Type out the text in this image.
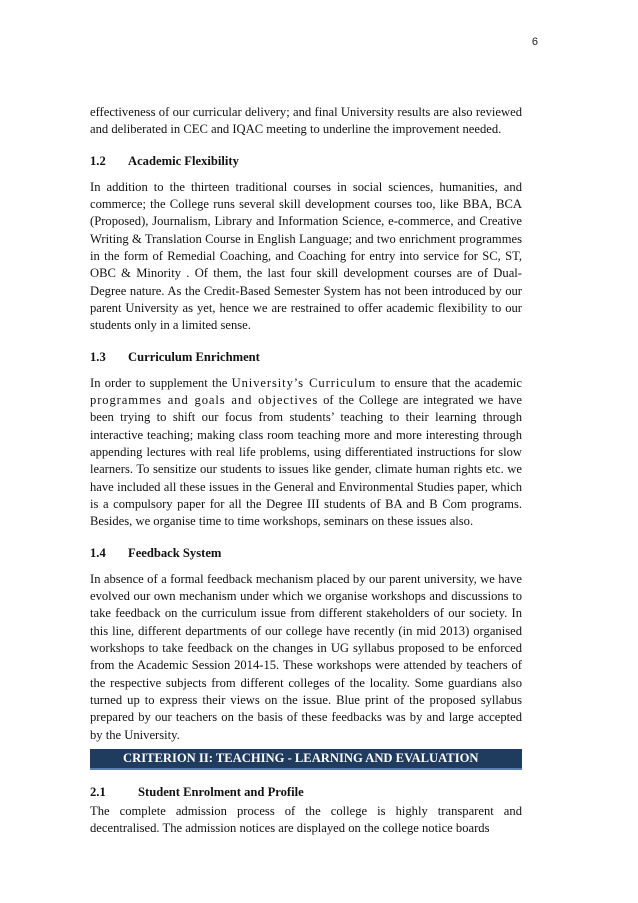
6

effectiveness of our curricular delivery; and final University results are also reviewed and deliberated in CEC and IQAC meeting to underline the improvement needed.

1.2 Academic Flexibility

In addition to the thirteen traditional courses in social sciences, humanities, and commerce; the College runs several skill development courses too, like BBA, BCA (Proposed), Journalism, Library and Information Science, e-commerce, and Creative Writing & Translation Course in English Language; and two enrichment programmes in the form of Remedial Coaching, and Coaching for entry into service for SC, ST, OBC & Minority . Of them, the last four skill development courses are of Dual-Degree nature. As the Credit-Based Semester System has not been introduced by our parent University as yet, hence we are restrained to offer academic flexibility to our students only in a limited sense.

1.3 Curriculum Enrichment

In order to supplement the University’s Curriculum to ensure that the academic programmes and goals and objectives of the College are integrated we have been trying to shift our focus from students’ teaching to their learning through interactive teaching; making class room teaching more and more interesting through appending lectures with real life problems, using differentiated instructions for slow learners. To sensitize our students to issues like gender, climate human rights etc. we have included all these issues in the General and Environmental Studies paper, which is a compulsory paper for all the Degree III students of BA and B Com programs. Besides, we organise time to time workshops, seminars on these issues also.

1.4 Feedback System

In absence of a formal feedback mechanism placed by our parent university, we have evolved our own mechanism under which we organise workshops and discussions to take feedback on the curriculum issue from different stakeholders of our society. In this line, different departments of our college have recently (in mid 2013) organised workshops to take feedback on the changes in UG syllabus proposed to be enforced from the Academic Session 2014-15. These workshops were attended by teachers of the respective subjects from different colleges of the locality. Some guardians also turned up to express their views on the issue. Blue print of the proposed syllabus prepared by our teachers on the basis of these feedbacks was by and large accepted by the University.

CRITERION II: TEACHING - LEARNING AND EVALUATION
2.1	Student Enrolment and Profile

The complete admission process of the college is highly transparent and decentralised. The admission notices are displayed on the college notice boards
